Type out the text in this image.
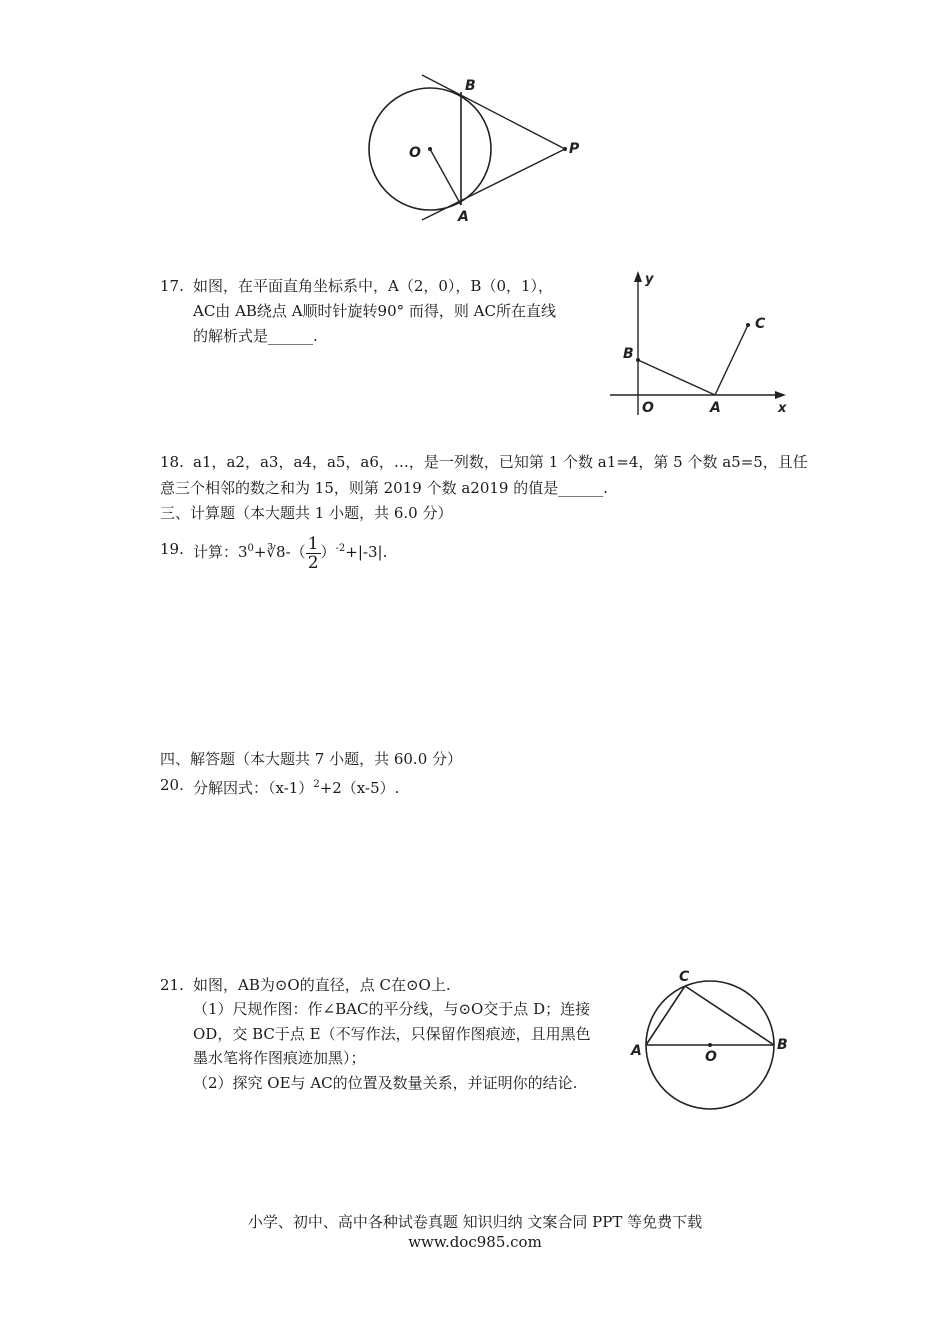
B
O	P
A
17. 如图，在平面直角坐标系中，A（2，0），B（0，1），
AC由 AB绕点 A顺时针旋转90° 而得，则 AC所在直线
的解析式是______.
y
x
B
O	A
C
18. a1，a2，a3，a4，a5，a6，…，是一列数，已知第 1 个数 a1=4，第 5 个数 a5=5，且任
意三个相邻的数之和为 15，则第 2019 个数 a2019 的值是______.
三、计算题（本大题共 1 小题，共 6.0 分）
19. 计算：$3^0+∛8-( \frac{1}{2} )^{-2}+|-3|$.
四、解答题（本大题共 7 小题，共 60.0 分）
20. 分解因式：$(x-1)^2+2(x-5)$.
21. 如图，AB为⊙O的直径，点 C在⊙O上.
（1）尺规作图：作∠BAC的平分线，与⊙O交于点 D；连接
OD，交 BC于点 E（不写作法，只保留作图痕迹，且用黑色
墨水笔将作图痕迹加黑）；
（2）探究 OE与 AC的位置及数量关系，并证明你的结论.
C
A	O
B
小学、初中、高中各种试卷真题 知识归纳 文案合同 PPT 等免费下载
www.doc985.com
